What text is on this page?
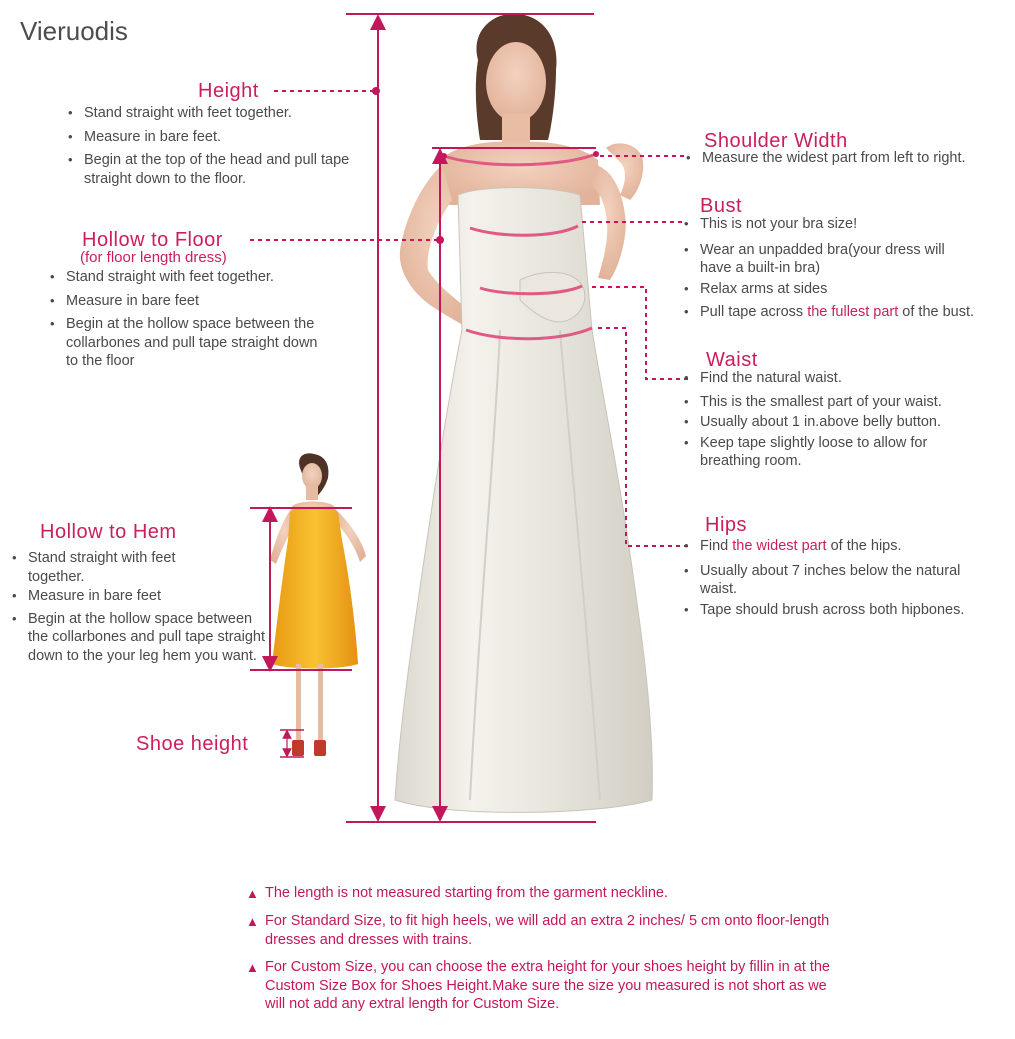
Vieruodis
Height
• Stand straight with feet together.
• Measure in bare feet.
• Begin at the top of the head and pull tape straight down to the floor.
Hollow to Floor
(for floor length dress)
• Stand straight with feet together.
• Measure in bare feet
• Begin at the hollow space between the collarbones and pull tape straight down to the floor
Hollow to Hem
• Stand straight with feet together.
• Measure in bare feet
• Begin at the hollow space between the collarbones and pull tape straight down to the your leg hem you want.
Shoe height
Shoulder Width
• Measure the widest part from left to right.
Bust
• This is not your bra size!
• Wear an unpadded bra(your dress will have a built-in bra)
• Relax arms at sides
• Pull tape across the fullest part of the bust.
Waist
• Find the natural waist.
• This is the smallest part of your waist.
• Usually about 1 in.above belly button.
• Keep tape slightly loose to allow for breathing room.
Hips
• Find the widest part of the hips.
• Usually about 7 inches below the natural waist.
• Tape should brush across both hipbones.
▲ The length is not measured starting from the garment neckline.
▲ For Standard Size, to fit high heels, we will add an extra 2 inches/ 5 cm onto floor-length dresses and dresses with trains.
▲ For Custom Size, you can choose the extra height for your shoes height by fillin in at the Custom Size Box for Shoes Height.Make sure the size you measured is not short as we will not add any extral length for Custom Size.
